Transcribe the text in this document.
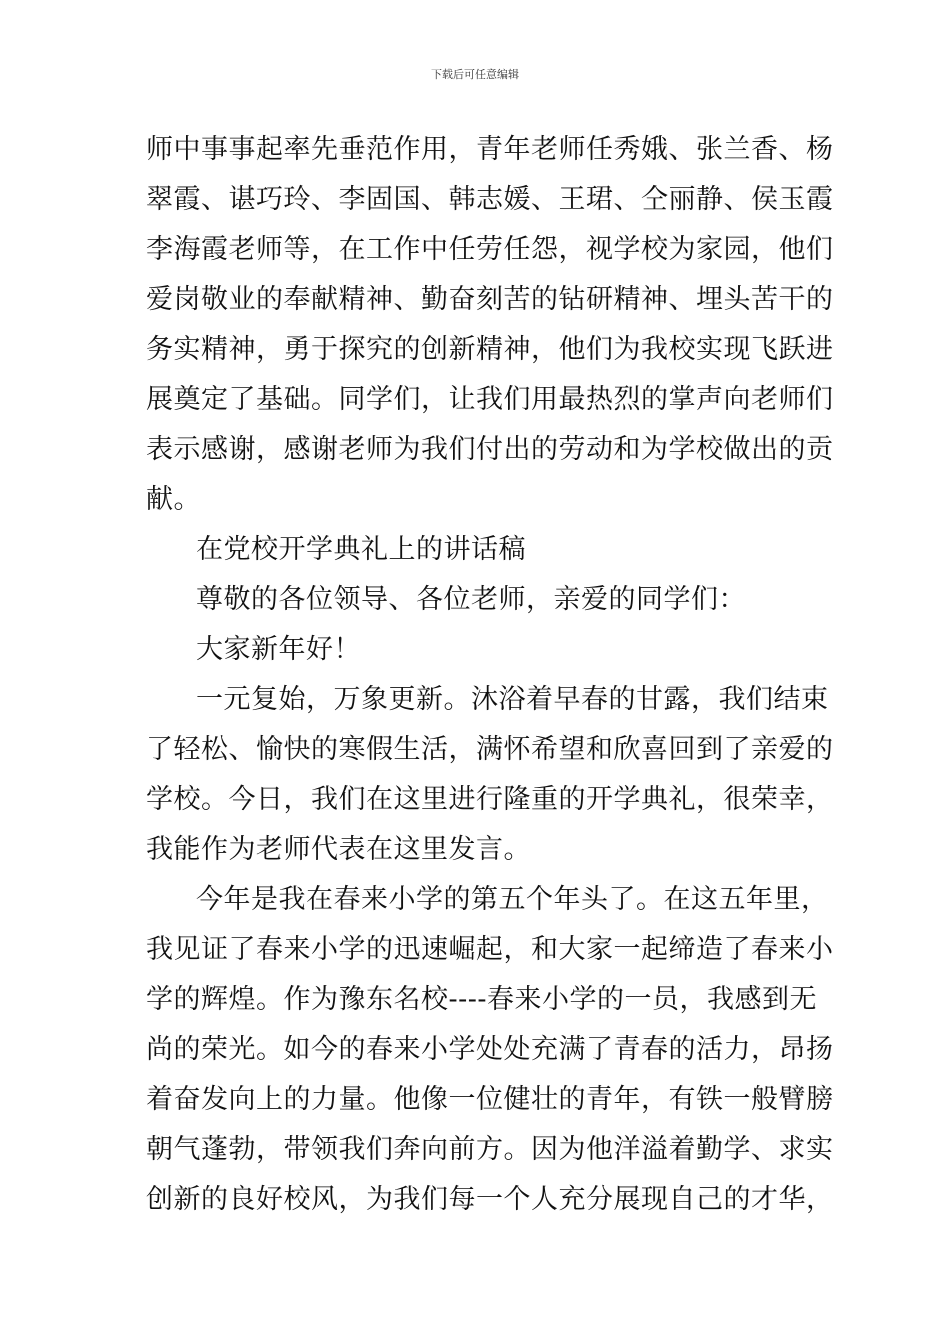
下载后可任意编辑
师中事事起率先垂范作用，青年老师任秀娥、张兰香、杨
翠霞、谌巧玲、李固国、韩志媛、王珺、仝丽静、侯玉霞
李海霞老师等，在工作中任劳任怨，视学校为家园，他们
爱岗敬业的奉献精神、勤奋刻苦的钻研精神、埋头苦干的
务实精神，勇于探究的创新精神，他们为我校实现飞跃进
展奠定了基础。同学们，让我们用最热烈的掌声向老师们
表示感谢，感谢老师为我们付出的劳动和为学校做出的贡
献。
在党校开学典礼上的讲话稿
尊敬的各位领导、各位老师，亲爱的同学们：
大家新年好！
一元复始，万象更新。沐浴着早春的甘露，我们结束
了轻松、愉快的寒假生活，满怀希望和欣喜回到了亲爱的
学校。今日，我们在这里进行隆重的开学典礼，很荣幸，
我能作为老师代表在这里发言。
今年是我在春来小学的第五个年头了。在这五年里，
我见证了春来小学的迅速崛起，和大家一起缔造了春来小
学的辉煌。作为豫东名校----春来小学的一员，我感到无
尚的荣光。如今的春来小学处处充满了青春的活力，昂扬
着奋发向上的力量。他像一位健壮的青年，有铁一般臂膀
朝气蓬勃，带领我们奔向前方。因为他洋溢着勤学、求实
创新的良好校风，为我们每一个人充分展现自己的才华，
